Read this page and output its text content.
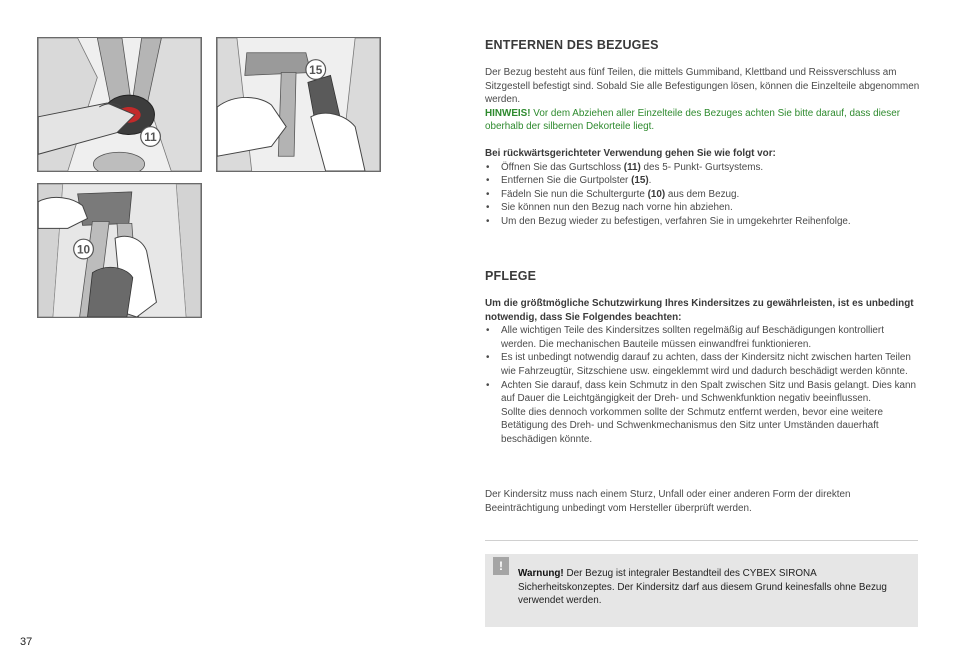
11
15
10
ENTFERNEN DES BEZUGES
Der Bezug besteht aus fünf Teilen, die mittels Gummiband, Klettband und Reissverschluss am Sitzgestell befestigt sind. Sobald Sie alle Befestigungen lösen, können die Einzelteile abgenommen werden.
HINWEIS! Vor dem Abziehen aller Einzelteile des Bezuges achten Sie bitte darauf, dass dieser oberhalb der silbernen Dekorteile liegt.
Bei rückwärtsgerichteter Verwendung gehen Sie wie folgt vor:
• Öffnen Sie das Gurtschloss (11) des 5- Punkt- Gurtsystems.
• Entfernen Sie die Gurtpolster (15).
• Fädeln Sie nun die Schultergurte (10) aus dem Bezug.
• Sie können nun den Bezug nach vorne hin abziehen.
• Um den Bezug wieder zu befestigen, verfahren Sie in umgekehrter Reihenfolge.
PFLEGE
Um die größtmögliche Schutzwirkung Ihres Kindersitzes zu gewährleisten, ist es unbedingt notwendig, dass Sie Folgendes beachten:
• Alle wichtigen Teile des Kindersitzes sollten regelmäßig auf Beschädigungen kontrolliert werden. Die mechanischen Bauteile müssen einwandfrei funktionieren.
• Es ist unbedingt notwendig darauf zu achten, dass der Kindersitz nicht zwischen harten Teilen wie Fahrzeugtür, Sitzschiene usw. eingeklemmt wird und dadurch beschädigt werden könnte.
• Achten Sie darauf, dass kein Schmutz in den Spalt zwischen Sitz und Basis gelangt. Dies kann auf Dauer die Leichtgängigkeit der Dreh- und Schwenkfunktion negativ beeinflussen.
Sollte dies dennoch vorkommen sollte der Schmutz entfernt werden, bevor eine weitere Betätigung des Dreh- und Schwenkmechanismus den Sitz unter Umständen dauerhaft beschädigen könnte.
Der Kindersitz muss nach einem Sturz, Unfall oder einer anderen Form der direkten Beeinträchtigung unbedingt vom Hersteller überprüft werden.
!
Warnung! Der Bezug ist integraler Bestandteil des CYBEX SIRONA Sicherheitskonzeptes. Der Kindersitz darf aus diesem Grund keinesfalls ohne Bezug verwendet werden.
37
